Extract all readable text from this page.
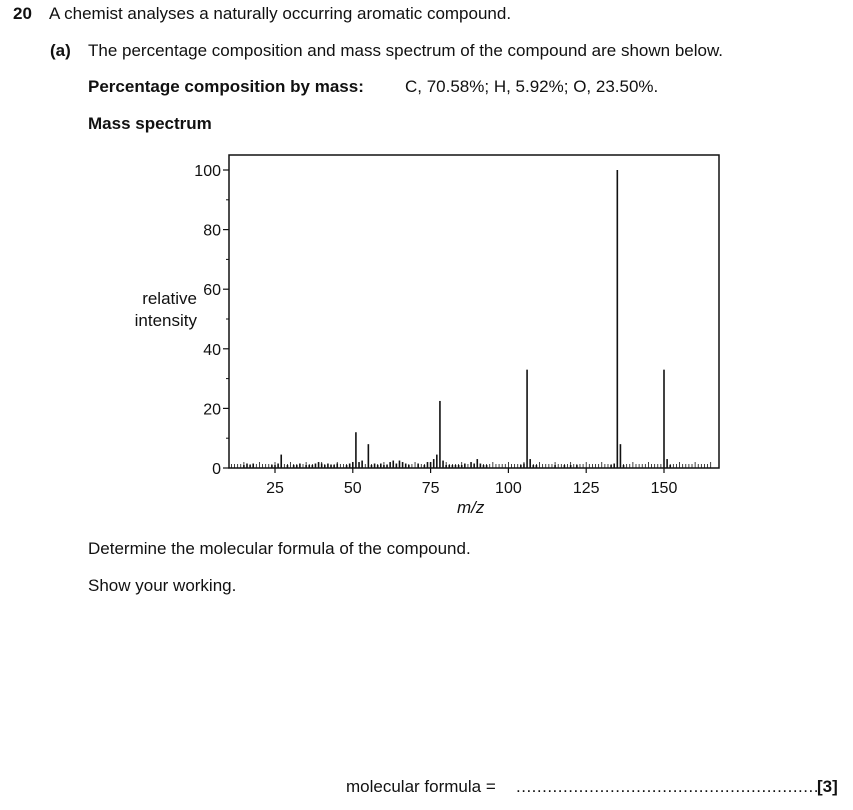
20 A chemist analyses a naturally occurring aromatic compound.
(a) The percentage composition and mass spectrum of the compound are shown below.
Percentage composition by mass: C, 70.58%; H, 5.92%; O, 23.50%.
Mass spectrum
0
20
40
60
80
100
25	50	75	100	125	150
relative intensity
m/z
Determine the molecular formula of the compound.
Show your working.
molecular formula = ..........................................................
[3]
